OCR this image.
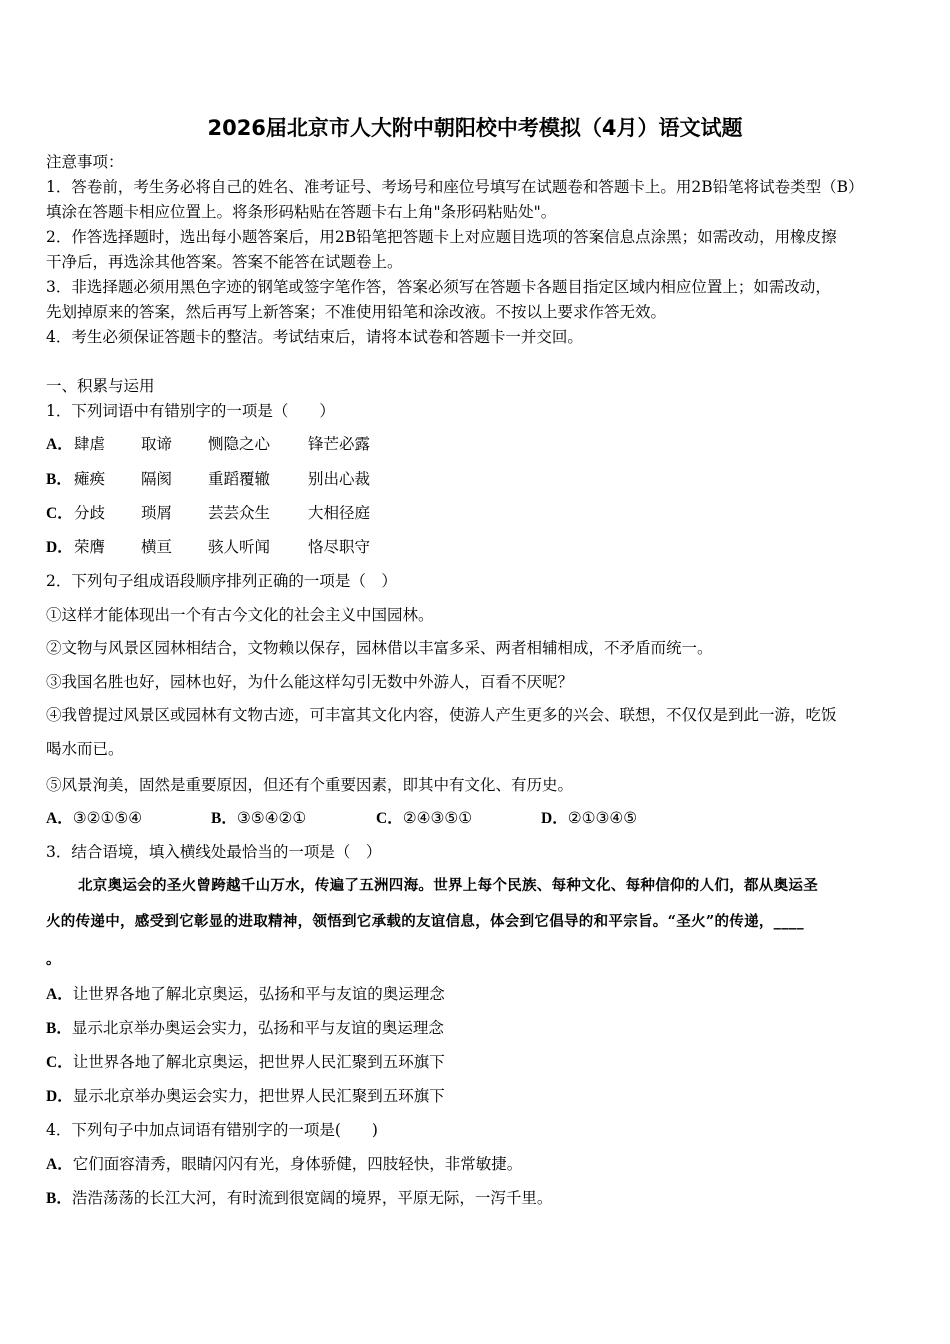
2026届北京市人大附中朝阳校中考模拟（4月）语文试题
注意事项：
1．答卷前，考生务必将自己的姓名、准考证号、考场号和座位号填写在试题卷和答题卡上。用2B铅笔将试卷类型（B）
填涂在答题卡相应位置上。将条形码粘贴在答题卡右上角"条形码粘贴处"。
2．作答选择题时，选出每小题答案后，用2B铅笔把答题卡上对应题目选项的答案信息点涂黑；如需改动，用橡皮擦
干净后，再选涂其他答案。答案不能答在试题卷上。
3．非选择题必须用黑色字迹的钢笔或签字笔作答，答案必须写在答题卡各题目指定区域内相应位置上；如需改动，
先划掉原来的答案，然后再写上新答案；不准使用铅笔和涂改液。不按以上要求作答无效。
4．考生必须保证答题卡的整洁。考试结束后，请将本试卷和答题卡一并交回。
一、积累与运用
1．下列词语中有错别字的一项是（　　）
A．肆虐 取谛 恻隐之心 锋芒必露
B． 瘫痪 隔阂 重蹈覆辙 别出心裁
C．分歧 琐屑 芸芸众生 大相径庭
D．荣膺 横亘 骇人听闻 恪尽职守
2．下列句子组成语段顺序排列正确的一项是（　）
①这样才能体现出一个有古今文化的社会主义中国园林。
②文物与风景区园林相结合，文物赖以保存，园林借以丰富多采、两者相辅相成，不矛盾而统一。
③我国名胜也好，园林也好，为什么能这样勾引无数中外游人，百看不厌呢？
④我曾提过风景区或园林有文物古迹，可丰富其文化内容，使游人产生更多的兴会、联想，不仅仅是到此一游，吃饭
喝水而已。
⑤风景洵美，固然是重要原因，但还有个重要因素，即其中有文化、有历史。
A．③②①⑤④	B．③⑤④②①	C．②④③⑤①	D．②①③④⑤
3．结合语境，填入横线处最恰当的一项是（　）
北京奥运会的圣火曾跨越千山万水，传遍了五洲四海。世界上每个民族、每种文化、每种信仰的人们，都从奥运圣
火的传递中，感受到它彰显的进取精神，领悟到它承载的友谊信息，体会到它倡导的和平宗旨。“圣火”的传递，____
。
A．让世界各地了解北京奥运，弘扬和平与友谊的奥运理念
B．显示北京举办奥运会实力，弘扬和平与友谊的奥运理念
C．让世界各地了解北京奥运，把世界人民汇聚到五环旗下
D．显示北京举办奥运会实力，把世界人民汇聚到五环旗下
4．下列句子中加点词语有错别字的一项是(　　)
A．它们面容清秀，眼睛闪闪有光，身体骄健，四肢轻快，非常敏捷。
B．浩浩荡荡的长江大河，有时流到很宽阔的境界，平原无际，一泻千里。
